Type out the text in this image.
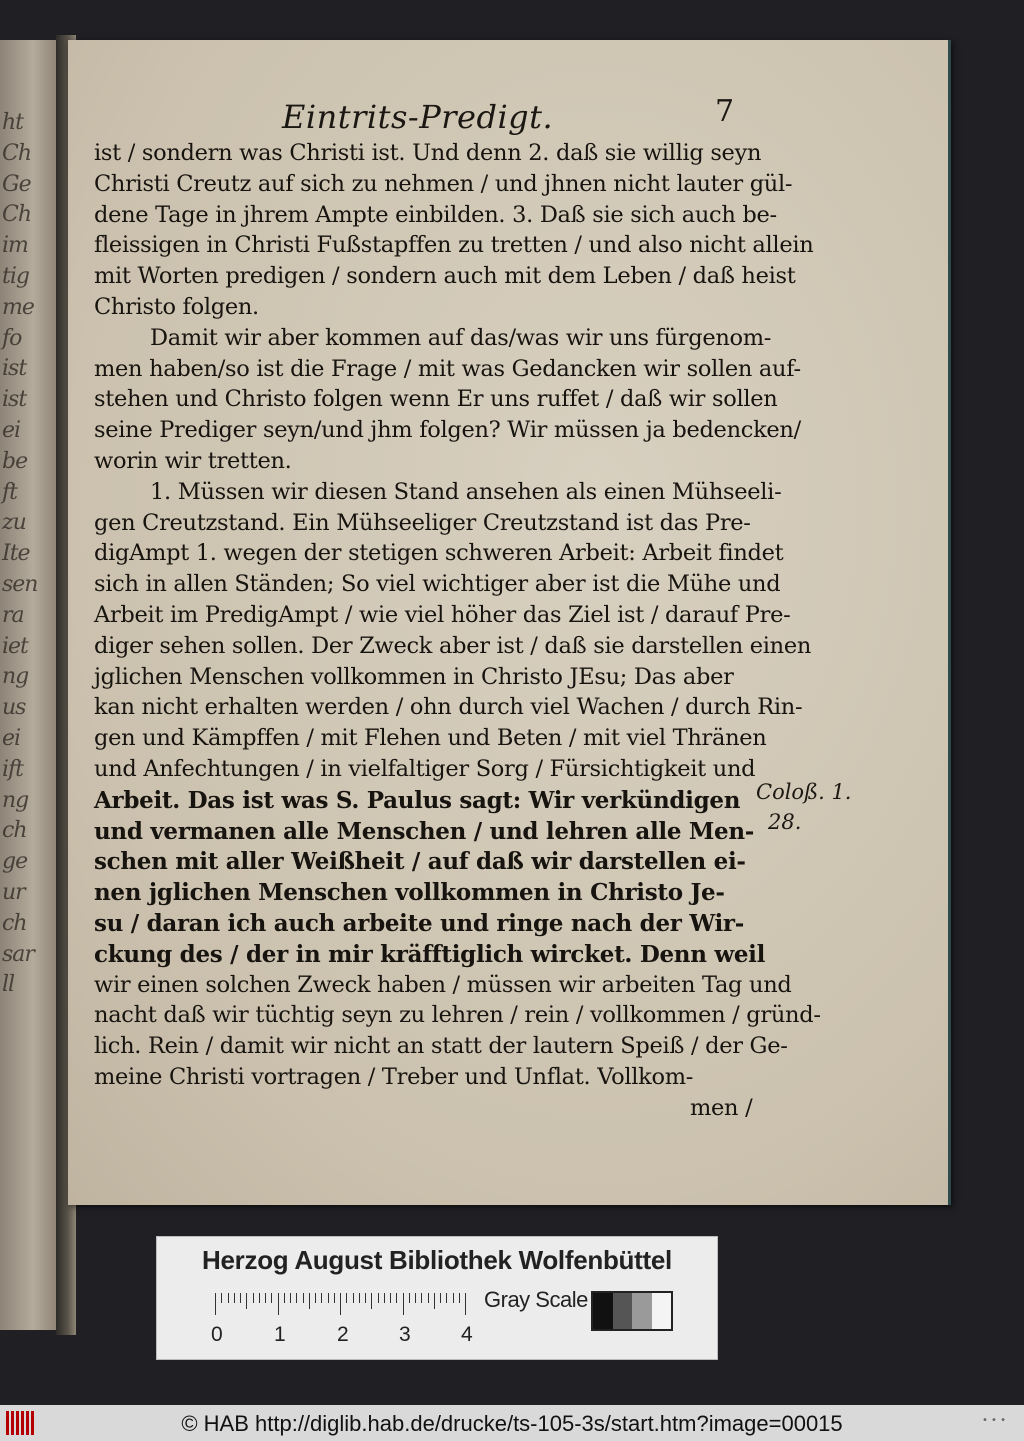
ht
Ch
Ge
Ch
im
tig
me
fo
ist
ist
ei
be
ft
zu
Ite
sen
ra
iet
ng
us
ei
ift
ng
ch
ge
ur
ch
sar
ll
Eintrits-Predigt.	7
ist / sondern was Christi ist. Und denn 2. daß sie willig seyn
Christi Creutz auf sich zu nehmen / und jhnen nicht lauter gül-
dene Tage in jhrem Ampte einbilden. 3. Daß sie sich auch be-
fleissigen in Christi Fußstapffen zu tretten / und also nicht allein
mit Worten predigen / sondern auch mit dem Leben / daß heist
Christo folgen.
Damit wir aber kommen auf das/was wir uns fürgenom-
men haben/so ist die Frage / mit was Gedancken wir sollen auf-
stehen und Christo folgen wenn Er uns ruffet / daß wir sollen
seine Prediger seyn/und jhm folgen? Wir müssen ja bedencken/
worin wir tretten.
1. Müssen wir diesen Stand ansehen als einen Mühseeli-
gen Creutzstand. Ein Mühseeliger Creutzstand ist das Pre-
digAmpt 1. wegen der stetigen schweren Arbeit: Arbeit findet
sich in allen Ständen; So viel wichtiger aber ist die Mühe und
Arbeit im PredigAmpt / wie viel höher das Ziel ist / darauf Pre-
diger sehen sollen. Der Zweck aber ist / daß sie darstellen einen
jglichen Menschen vollkommen in Christo JEsu; Das aber
kan nicht erhalten werden / ohn durch viel Wachen / durch Rin-
gen und Kämpffen / mit Flehen und Beten / mit viel Thränen
und Anfechtungen / in vielfaltiger Sorg / Fürsichtigkeit und
Arbeit. Das ist was S. Paulus sagt: Wir verkündigen
und vermanen alle Menschen / und lehren alle Men-
schen mit aller Weißheit / auf daß wir darstellen ei-
nen jglichen Menschen vollkommen in Christo Je-
su / daran ich auch arbeite und ringe nach der Wir-
ckung des / der in mir kräfftiglich wircket. Denn weil
wir einen solchen Zweck haben / müssen wir arbeiten Tag und
nacht daß wir tüchtig seyn zu lehren / rein / vollkommen / gründ-
lich. Rein / damit wir nicht an statt der lautern Speiß / der Ge-
meine Christi vortragen / Treber und Unflat. Vollkom-
men /
Coloß. 1.
28.
Herzog August Bibliothek Wolfenbüttel
0 1 2 3 4
Gray Scale
© HAB http://diglib.hab.de/drucke/ts-105-3s/start.htm?image=00015	• • •
